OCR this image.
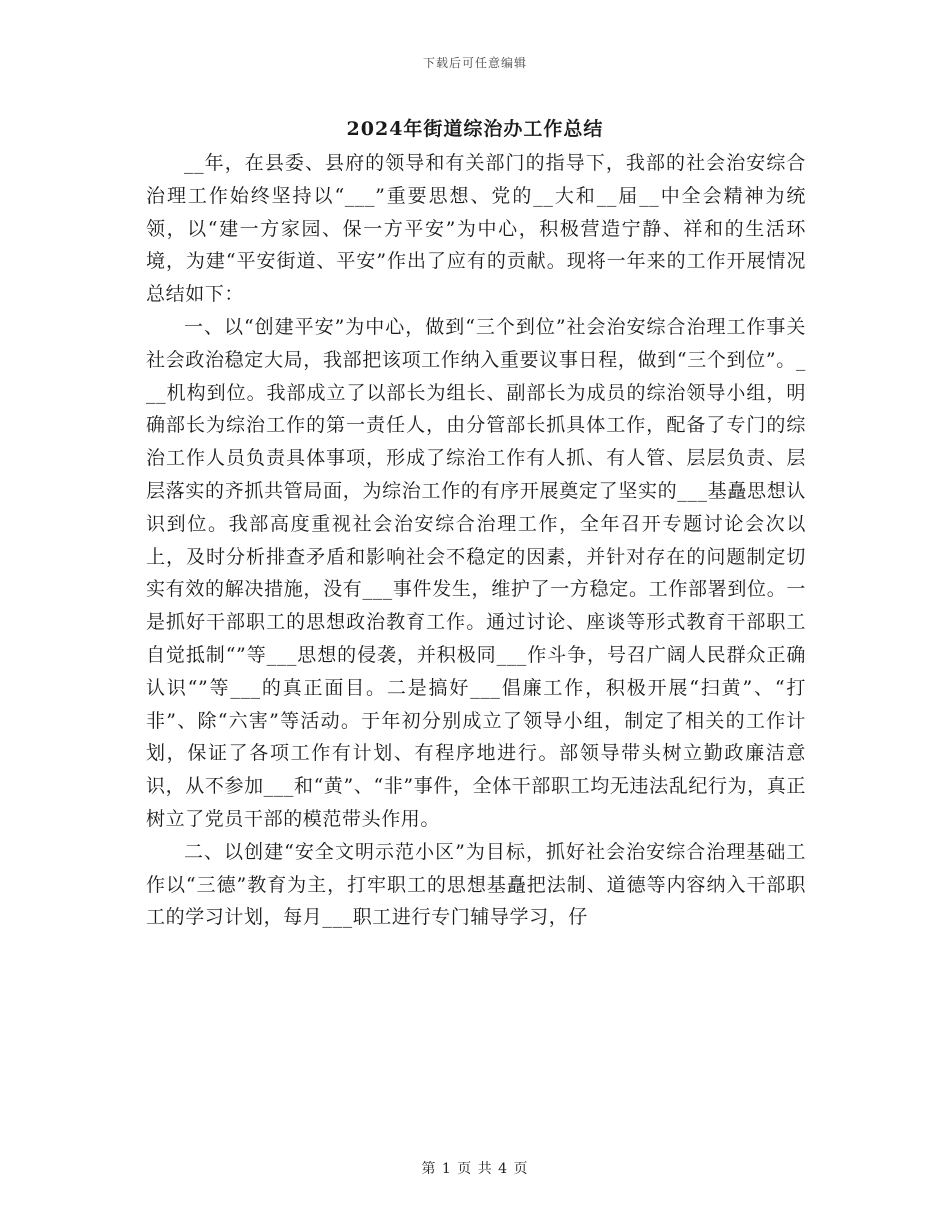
下载后可任意编辑
2024年街道综治办工作总结

__年，在县委、县府的领导和有关部门的指导下，我部的社会治安综合治理工作始终坚持以“___”重要思想、党的__大和__届__中全会精神为统领，以“建一方家园、保一方平安”为中心，积极营造宁静、祥和的生活环境，为建“平安街道、平安”作出了应有的贡献。现将一年来的工作开展情况总结如下：

一、以“创建平安”为中心，做到“三个到位”社会治安综合治理工作事关社会政治稳定大局，我部把该项工作纳入重要议事日程，做到“三个到位”。___机构到位。我部成立了以部长为组长、副部长为成员的综治领导小组，明确部长为综治工作的第一责任人，由分管部长抓具体工作，配备了专门的综治工作人员负责具体事项，形成了综治工作有人抓、有人管、层层负责、层层落实的齐抓共管局面，为综治工作的有序开展奠定了坚实的___基矗思想认识到位。我部高度重视社会治安综合治理工作，全年召开专题讨论会次以上，及时分析排查矛盾和影响社会不稳定的因素，并针对存在的问题制定切实有效的解决措施，没有___事件发生，维护了一方稳定。工作部署到位。一是抓好干部职工的思想政治教育工作。通过讨论、座谈等形式教育干部职工自觉抵制“”等___思想的侵袭，并积极同___作斗争，号召广阔人民群众正确认识“”等___的真正面目。二是搞好___倡廉工作，积极开展“扫黄”、“打非”、除“六害”等活动。于年初分别成立了领导小组，制定了相关的工作计划，保证了各项工作有计划、有程序地进行。部领导带头树立勤政廉洁意识，从不参加___和“黄”、“非”事件，全体干部职工均无违法乱纪行为，真正树立了党员干部的模范带头作用。

二、以创建“安全文明示范小区”为目标，抓好社会治安综合治理基础工作以“三德”教育为主，打牢职工的思想基矗把法制、道德等内容纳入干部职工的学习计划，每月___职工进行专门辅导学习，仔

第 1 页 共 4 页
